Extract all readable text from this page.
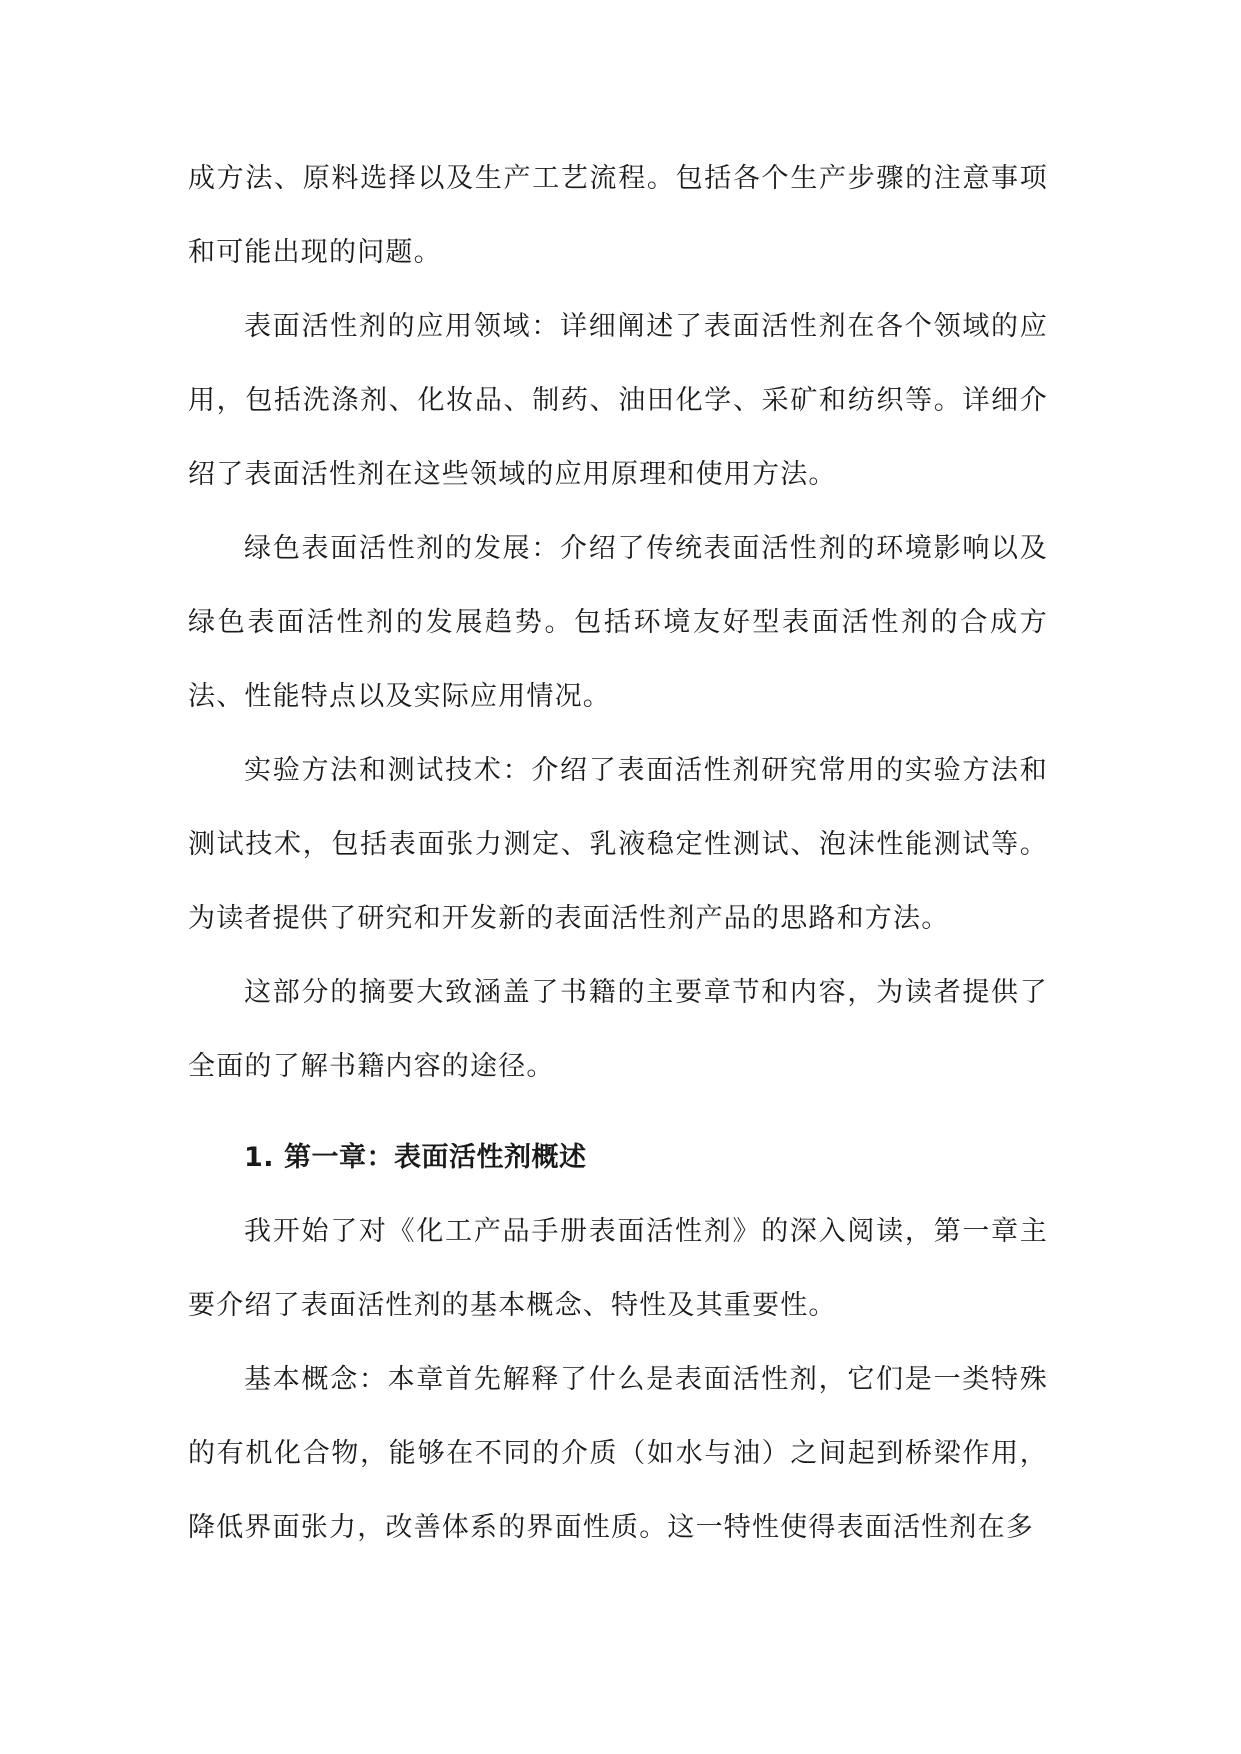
成方法、原料选择以及生产工艺流程。包括各个生产步骤的注意事项和可能出现的问题。

表面活性剂的应用领域：详细阐述了表面活性剂在各个领域的应用，包括洗涤剂、化妆品、制药、油田化学、采矿和纺织等。详细介绍了表面活性剂在这些领域的应用原理和使用方法。

绿色表面活性剂的发展：介绍了传统表面活性剂的环境影响以及绿色表面活性剂的发展趋势。包括环境友好型表面活性剂的合成方法、性能特点以及实际应用情况。

实验方法和测试技术：介绍了表面活性剂研究常用的实验方法和测试技术，包括表面张力测定、乳液稳定性测试、泡沫性能测试等。为读者提供了研究和开发新的表面活性剂产品的思路和方法。

这部分的摘要大致涵盖了书籍的主要章节和内容，为读者提供了全面的了解书籍内容的途径。

1. 第一章：表面活性剂概述

我开始了对《化工产品手册表面活性剂》的深入阅读，第一章主要介绍了表面活性剂的基本概念、特性及其重要性。

基本概念：本章首先解释了什么是表面活性剂，它们是一类特殊的有机化合物，能够在不同的介质（如水与油）之间起到桥梁作用，降低界面张力，改善体系的界面性质。这一特性使得表面活性剂在多
